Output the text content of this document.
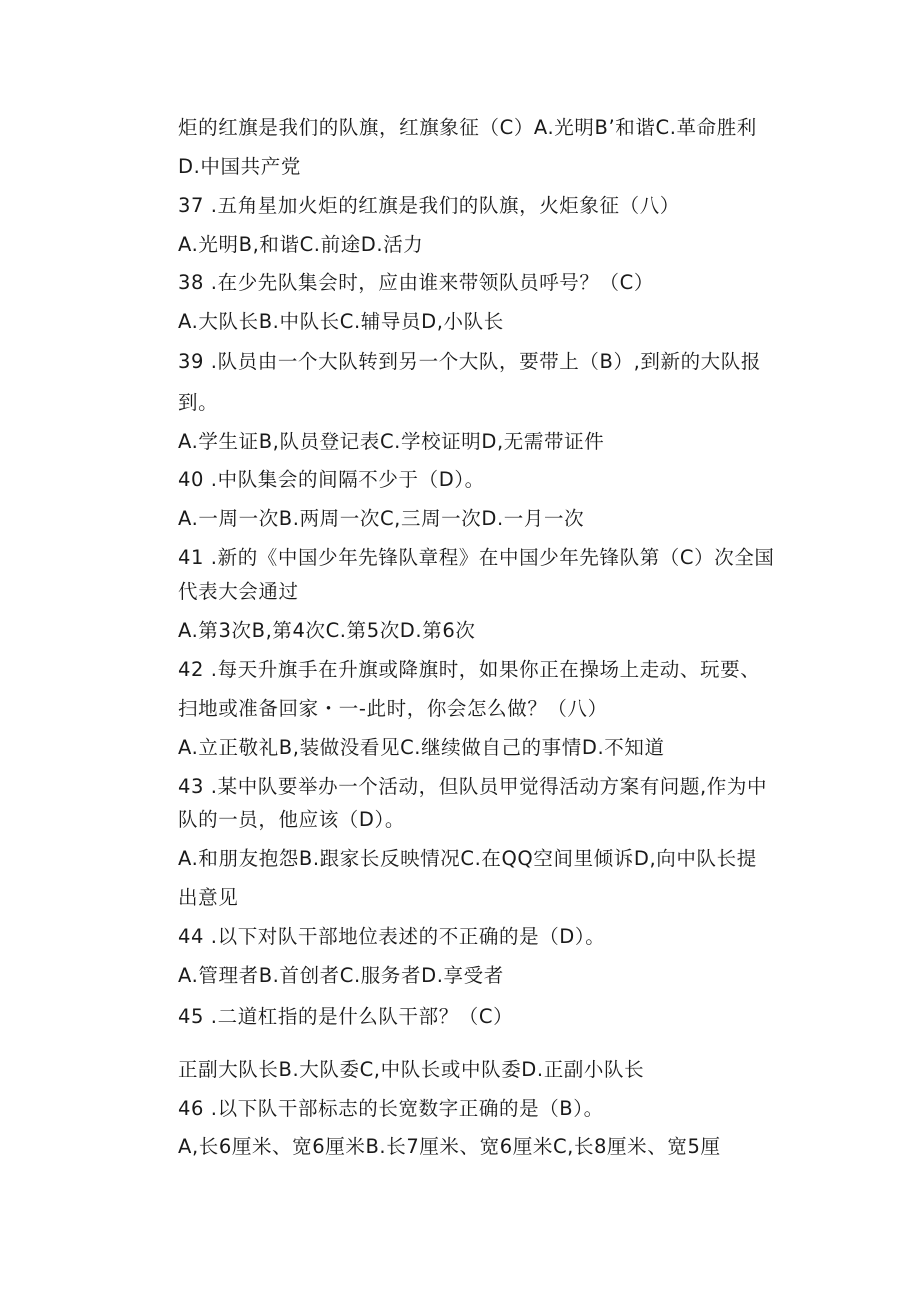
炬的红旗是我们的队旗，红旗象征（C）A.光明B’和谐C.革命胜利
D.中国共产党
37 .五角星加火炬的红旗是我们的队旗，火炬象征（八）
A.光明B,和谐C.前途D.活力
38 .在少先队集会时，应由谁来带领队员呼号？（C）
A.大队长B.中队长C.辅导员D,小队长
39 .队员由一个大队转到另一个大队，要带上（B）,到新的大队报
到。
A.学生证B,队员登记表C.学校证明D,无需带证件
40 .中队集会的间隔不少于（D）。
A.一周一次B.两周一次C,三周一次D.一月一次
41 .新的《中国少年先锋队章程》在中国少年先锋队第（C）次全国
代表大会通过
A.第3次B,第4次C.第5次D.第6次
42 .每天升旗手在升旗或降旗时，如果你正在操场上走动、玩要、
扫地或准备回家・一-此时，你会怎么做？（八）
A.立正敬礼B,装做没看见C.继续做自己的事情D.不知道
43 .某中队要举办一个活动，但队员甲觉得活动方案有问题,作为中
队的一员，他应该（D）。
A.和朋友抱怨B.跟家长反映情况C.在QQ空间里倾诉D,向中队长提
出意见
44 .以下对队干部地位表述的不正确的是（D）。
A.管理者B.首创者C.服务者D.享受者
45 .二道杠指的是什么队干部？（C）
正副大队长B.大队委C,中队长或中队委D.正副小队长
46 .以下队干部标志的长宽数字正确的是（B）。
A,长6厘米、宽6厘米B.长7厘米、宽6厘米C,长8厘米、宽5厘
